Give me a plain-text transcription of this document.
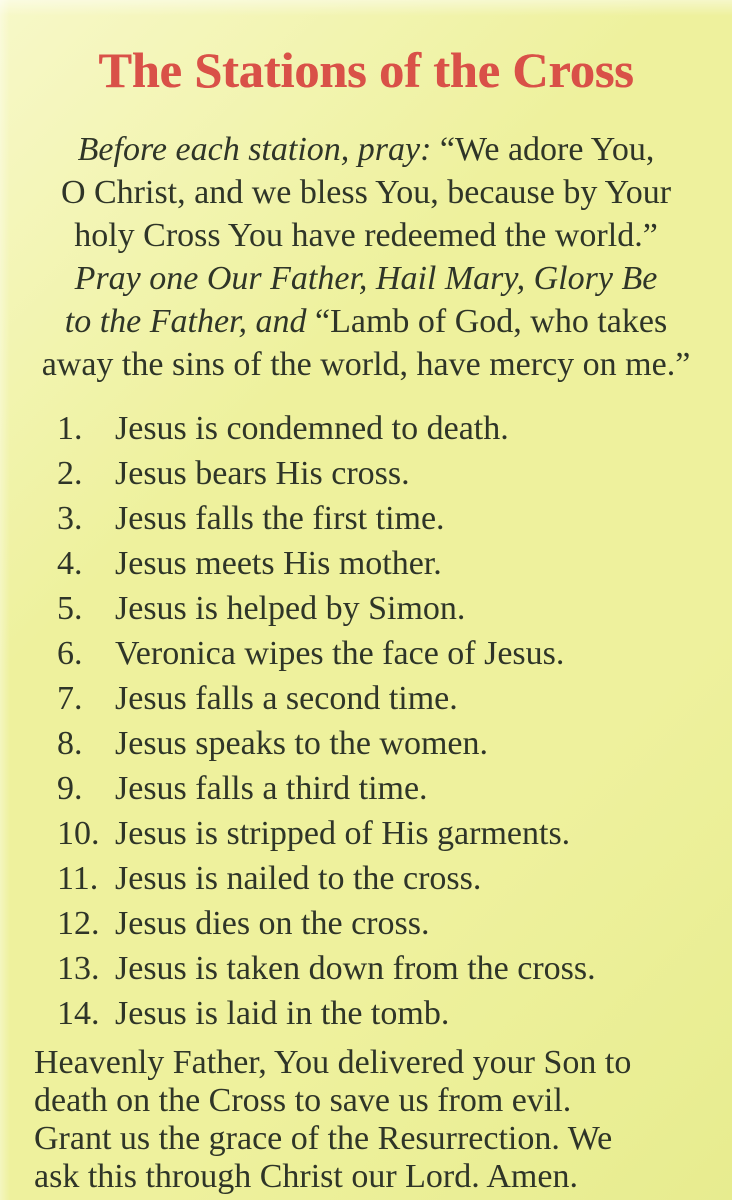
The Stations of the Cross
Before each station, pray: “We adore You,
O Christ, and we bless You, because by Your
holy Cross You have redeemed the world.”
Pray one Our Father, Hail Mary, Glory Be
to the Father, and “Lamb of God, who takes
away the sins of the world, have mercy on me.”
1. Jesus is condemned to death.
2. Jesus bears His cross.
3. Jesus falls the first time.
4. Jesus meets His mother.
5. Jesus is helped by Simon.
6. Veronica wipes the face of Jesus.
7. Jesus falls a second time.
8. Jesus speaks to the women.
9. Jesus falls a third time.
10. Jesus is stripped of His garments.
11. Jesus is nailed to the cross.
12. Jesus dies on the cross.
13. Jesus is taken down from the cross.
14. Jesus is laid in the tomb.
Heavenly Father, You delivered your Son to
death on the Cross to save us from evil.
Grant us the grace of the Resurrection. We
ask this through Christ our Lord. Amen.
